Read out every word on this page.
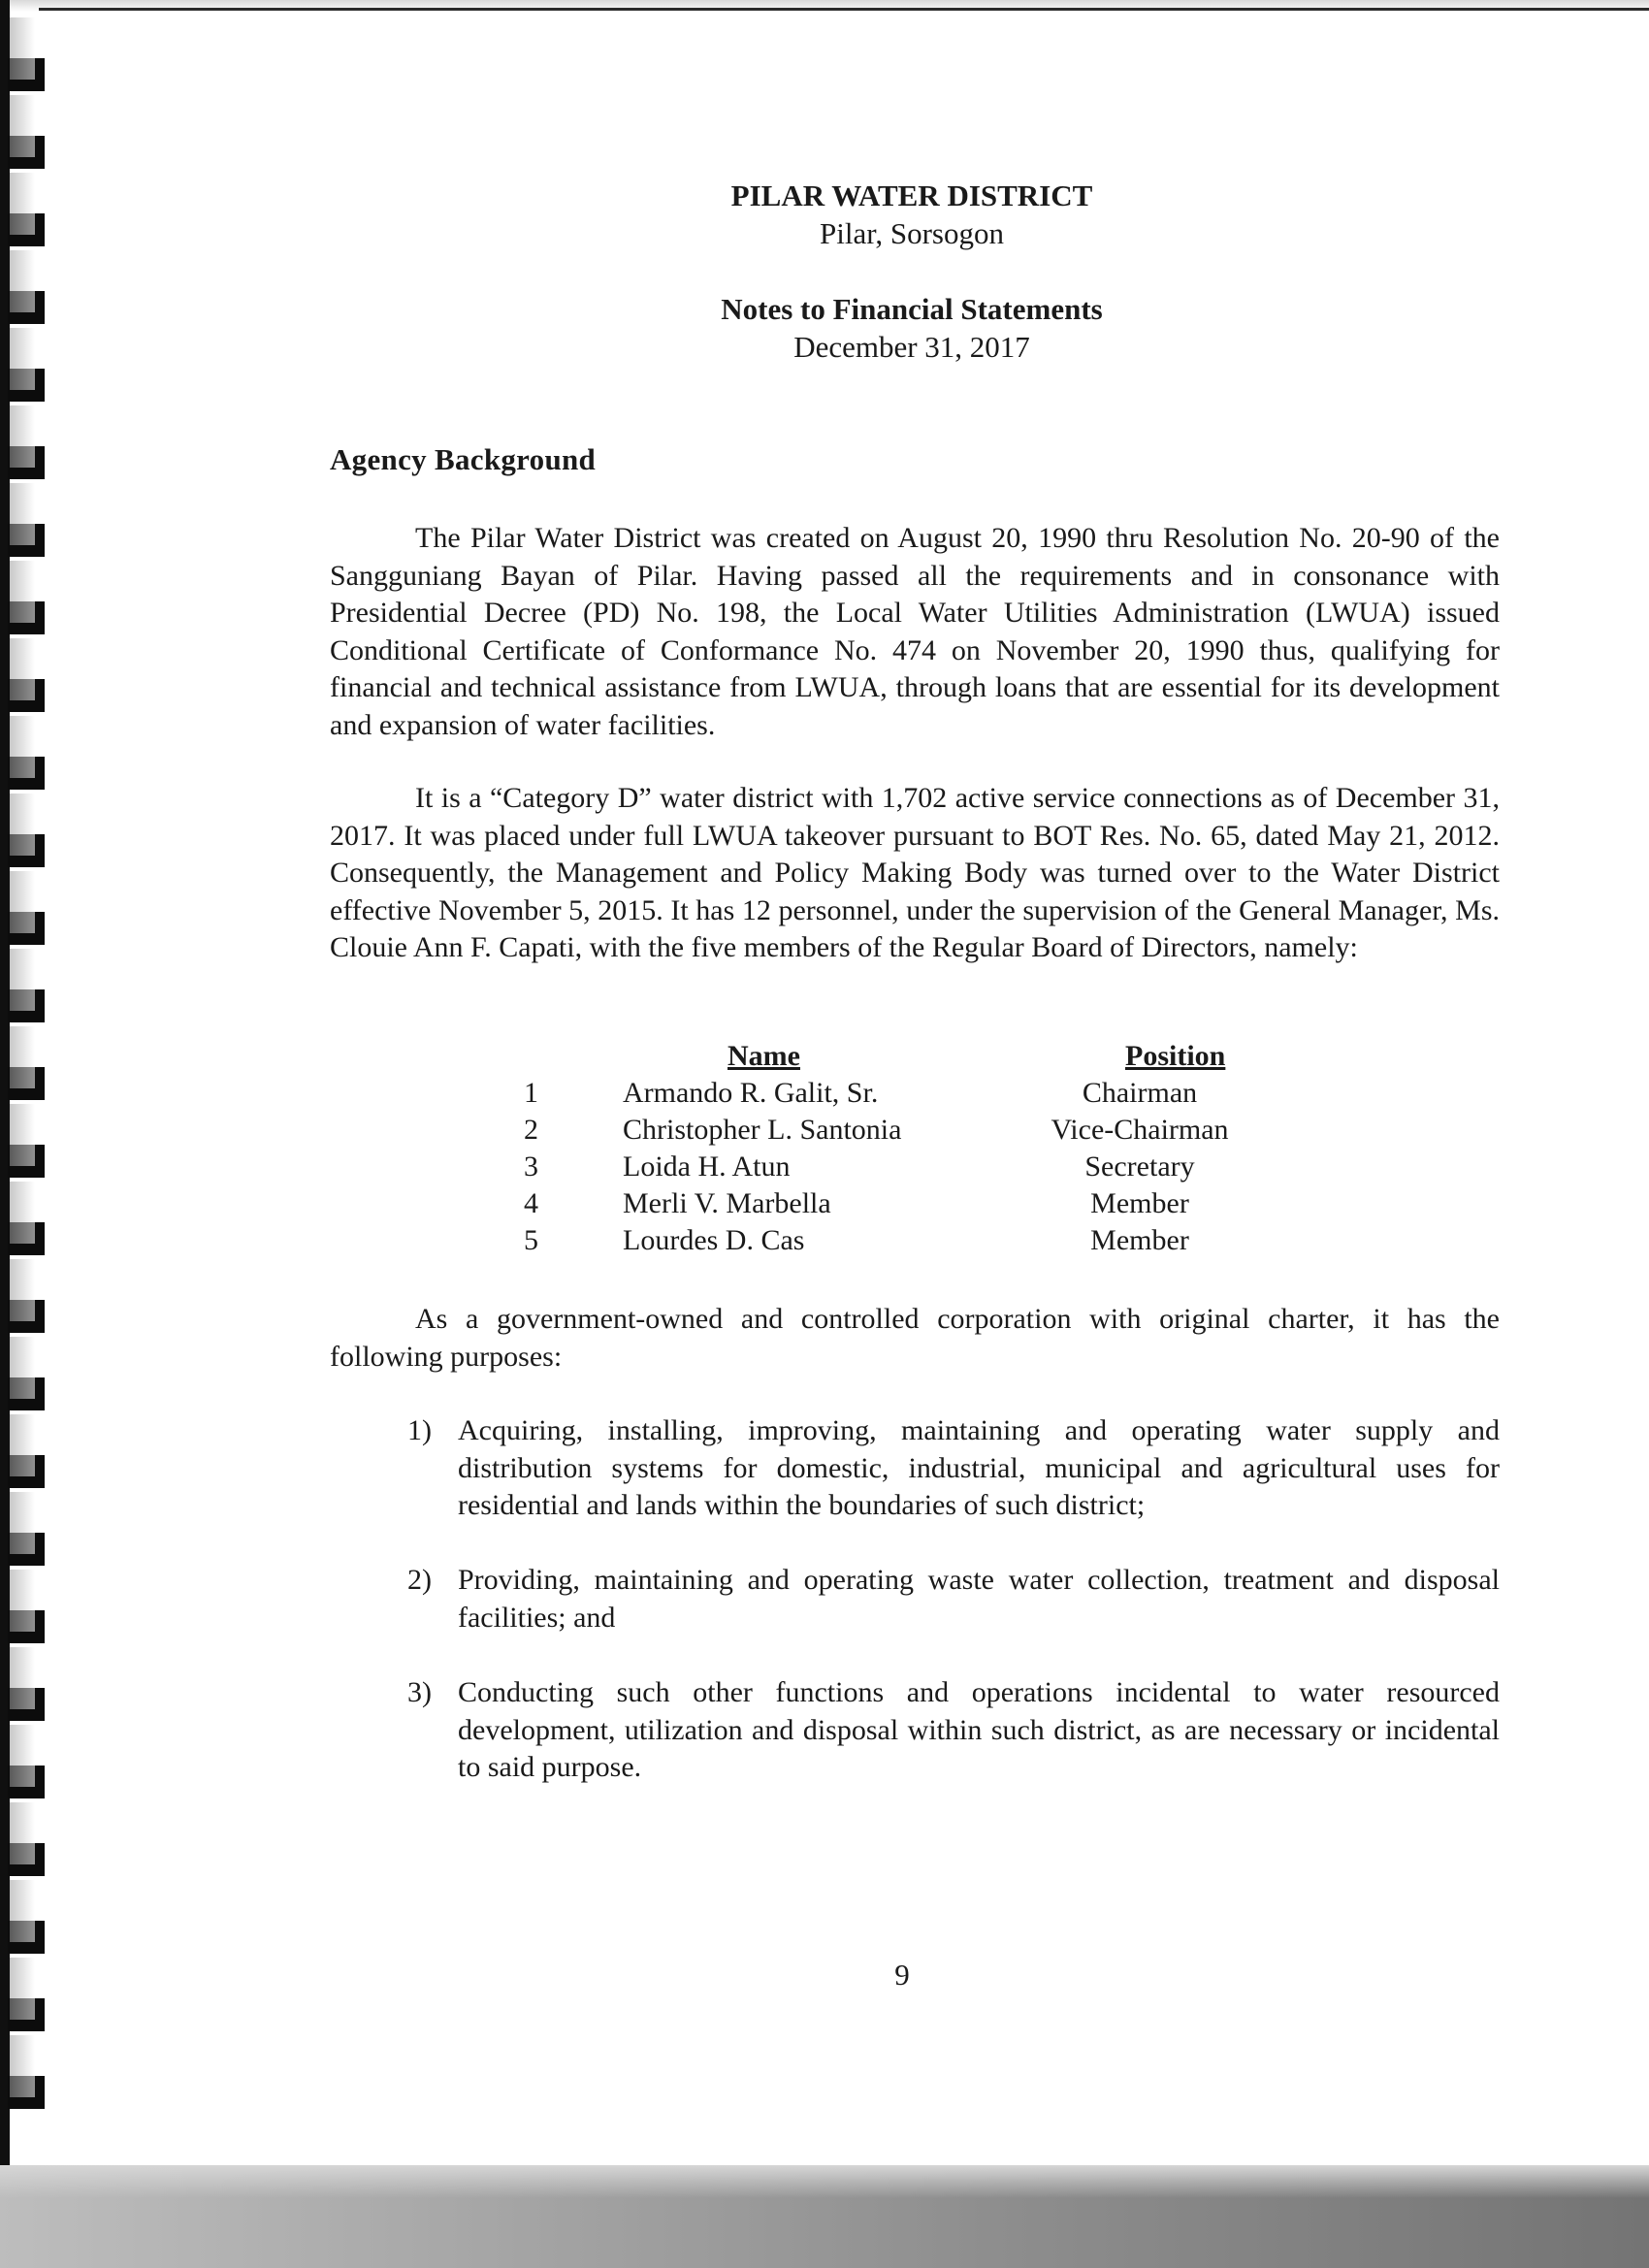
PILAR WATER DISTRICT
Pilar, Sorsogon
Notes to Financial Statements
December 31, 2017
Agency Background

The Pilar Water District was created on August 20, 1990 thru Resolution No. 20-90 of the Sangguniang Bayan of Pilar. Having passed all the requirements and in consonance with Presidential Decree (PD) No. 198, the Local Water Utilities Administration (LWUA) issued Conditional Certificate of Conformance No. 474 on November 20, 1990 thus, qualifying for financial and technical assistance from LWUA, through loans that are essential for its development and expansion of water facilities.

It is a “Category D” water district with 1,702 active service connections as of December 31, 2017. It was placed under full LWUA takeover pursuant to BOT Res. No. 65, dated May 21, 2012. Consequently, the Management and Policy Making Body was turned over to the Water District effective November 5, 2015. It has 12 personnel, under the supervision of the General Manager, Ms. Clouie Ann F. Capati, with the five members of the Regular Board of Directors, namely:

Name	Position
1	Armando R. Galit, Sr.	Chairman
2	Christopher L. Santonia	Vice-Chairman
3	Loida H. Atun	Secretary
4	Merli V. Marbella	Member
5	Lourdes D. Cas	Member

As a government-owned and controlled corporation with original charter, it has the following purposes:

1) Acquiring, installing, improving, maintaining and operating water supply and distribution systems for domestic, industrial, municipal and agricultural uses for residential and lands within the boundaries of such district;

2) Providing, maintaining and operating waste water collection, treatment and disposal facilities; and

3) Conducting such other functions and operations incidental to water resourced development, utilization and disposal within such district, as are necessary or incidental to said purpose.

9
